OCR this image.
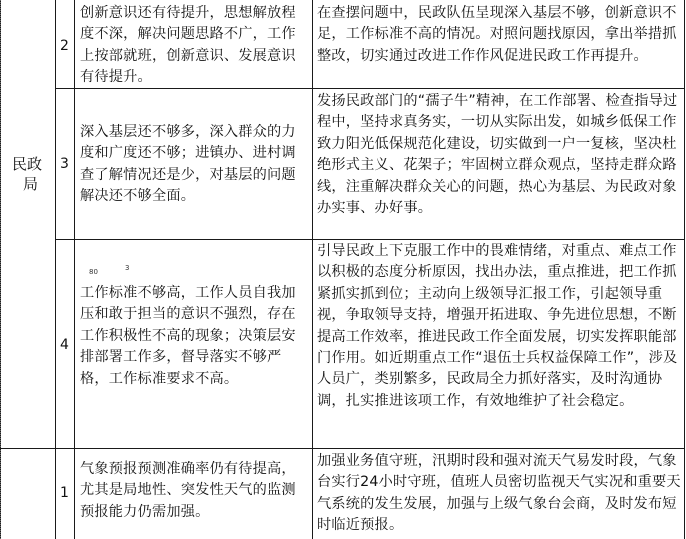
民政
局
2
创新意识还有待提升，思想解放程度不深，解决问题思路不广，工作上按部就班，创新意识、发展意识有待提升。
在查摆问题中，民政队伍呈现深入基层不够，创新意识不足，工作标准不高的情况。对照问题找原因，拿出举措抓整改，切实通过改进工作作风促进民政工作再提升。
3
深入基层还不够多，深入群众的力度和广度还不够；进镇办、进村调查了解情况还是少，对基层的问题解决还不够全面。
发扬民政部门的“孺子牛”精神，在工作部署、检查指导过程中，坚持求真务实，一切从实际出发，如城乡低保工作致力阳光低保规范化建设，切实做到一户一复核，坚决杜绝形式主义、花架子；牢固树立群众观点，坚持走群众路线，注重解决群众关心的问题，热心为基层、为民政对象办实事、办好事。
80	3
4
工作标准不够高，工作人员自我加压和敢于担当的意识不强烈，存在工作积极性不高的现象；决策层安排部署工作多，督导落实不够严格，工作标准要求不高。
引导民政上下克服工作中的畏难情绪，对重点、难点工作以积极的态度分析原因，找出办法，重点推进，把工作抓紧抓实抓到位；主动向上级领导汇报工作，引起领导重视，争取领导支持，增强开拓进取、争先进位思想，不断提高工作效率，推进民政工作全面发展，切实发挥职能部门作用。如近期重点工作“退伍士兵权益保障工作”，涉及人员广，类别繁多，民政局全力抓好落实，及时沟通协调，扎实推进该项工作，有效地维护了社会稳定。
1
气象预报预测准确率仍有待提高，尤其是局地性、突发性天气的监测预报能力仍需加强。
加强业务值守班，汛期时段和强对流天气易发时段，气象台实行24小时守班，值班人员密切监视天气实况和重要天气系统的发生发展，加强与上级气象台会商，及时发布短时临近预报。
